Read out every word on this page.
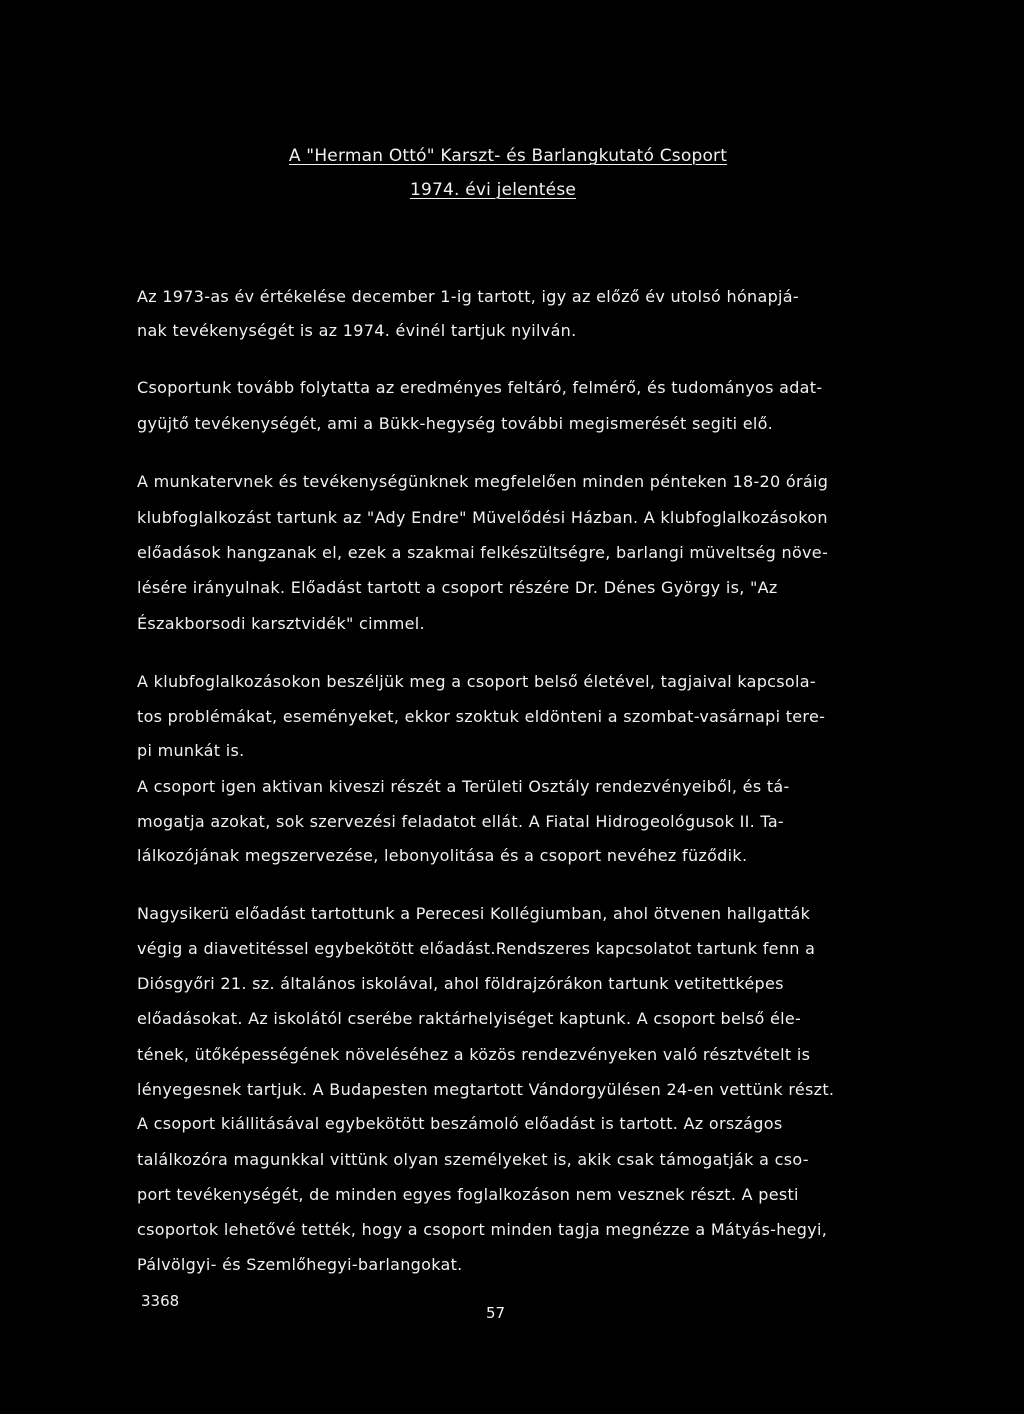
A "Herman Ottó" Karszt- és Barlangkutató Csoport
1974. évi jelentése
Az 1973-as év értékelése december 1-ig tartott, igy az előző év utolsó hónapjá-
nak tevékenységét is az 1974. évinél tartjuk nyilván.
Csoportunk tovább folytatta az eredményes feltáró, felmérő, és tudományos adat-
gyüjtő tevékenységét, ami a Bükk-hegység további megismerését segiti elő.
A munkatervnek és tevékenységünknek megfelelően minden pénteken 18-20 óráig
klubfoglalkozást tartunk az "Ady Endre" Müvelődési Házban. A klubfoglalkozásokon
előadások hangzanak el, ezek a szakmai felkészültségre, barlangi müveltség növe-
lésére irányulnak. Előadást tartott a csoport részére Dr. Dénes György is, "Az
Északborsodi karsztvidék" cimmel.
A klubfoglalkozásokon beszéljük meg a csoport belső életével, tagjaival kapcsola-
tos problémákat, eseményeket, ekkor szoktuk eldönteni a szombat-vasárnapi tere-
pi munkát is.
A csoport igen aktivan kiveszi részét a Területi Osztály rendezvényeiből, és tá-
mogatja azokat, sok szervezési feladatot ellát. A Fiatal Hidrogeológusok II. Ta-
lálkozójának megszervezése, lebonyolitása és a csoport nevéhez füződik.
Nagysikerü előadást tartottunk a Perecesi Kollégiumban, ahol ötvenen hallgatták
végig a diavetitéssel egybekötött előadást.Rendszeres kapcsolatot tartunk fenn a
Diósgyőri 21. sz. általános iskolával, ahol földrajzórákon tartunk vetitettképes
előadásokat. Az iskolától cserébe raktárhelyiséget kaptunk. A csoport belső éle-
tének, ütőképességének növeléséhez a közös rendezvényeken való résztvételt is
lényegesnek tartjuk. A Budapesten megtartott Vándorgyülésen 24-en vettünk részt.
A csoport kiállitásával egybekötött beszámoló előadást is tartott. Az országos
találkozóra magunkkal vittünk olyan személyeket is, akik csak támogatják a cso-
port tevékenységét, de minden egyes foglalkozáson nem vesznek részt. A pesti
csoportok lehetővé tették, hogy a csoport minden tagja megnézze a Mátyás-hegyi,
Pálvölgyi- és Szemlőhegyi-barlangokat.
3368
57
